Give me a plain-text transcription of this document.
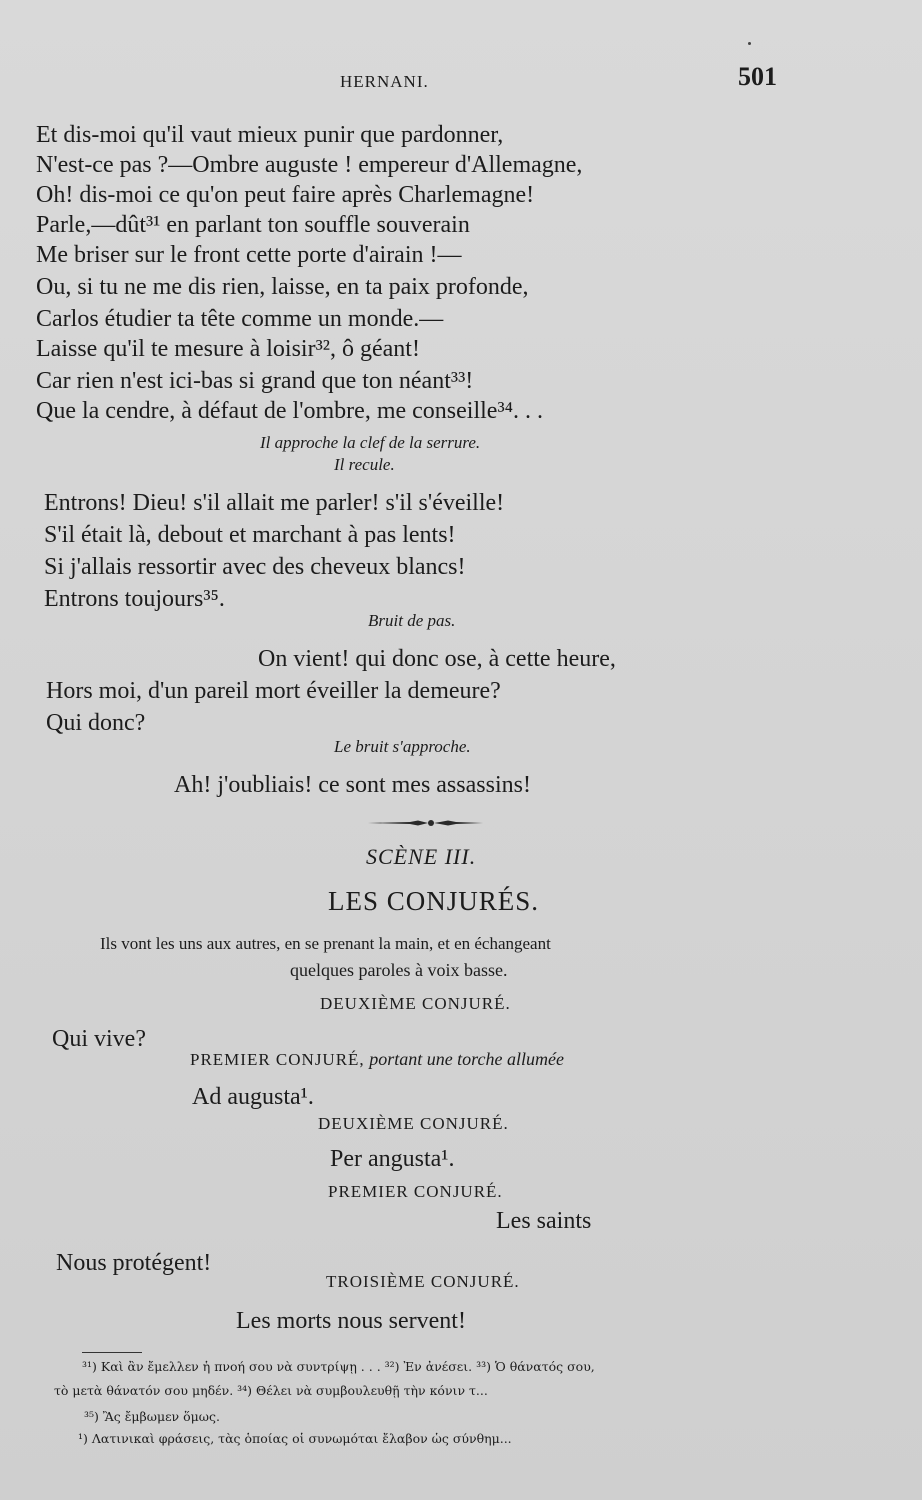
HERNANI.	501
Et dis-moi qu'il vaut mieux punir que pardonner,
N'est-ce pas ?—Ombre auguste ! empereur d'Allemagne,
Oh! dis-moi ce qu'on peut faire après Charlemagne!
Parle,—dût³¹ en parlant ton souffle souverain
Me briser sur le front cette porte d'airain !—
Ou, si tu ne me dis rien, laisse, en ta paix profonde,
Carlos étudier ta tête comme un monde.—
Laisse qu'il te mesure à loisir³², ô géant!
Car rien n'est ici-bas si grand que ton néant³³!
Que la cendre, à défaut de l'ombre, me conseille³⁴. . .
Il approche la clef de la serrure.
Il recule.
Entrons! Dieu! s'il allait me parler! s'il s'éveille!
S'il était là, debout et marchant à pas lents!
Si j'allais ressortir avec des cheveux blancs!
Entrons toujours³⁵.
Bruit de pas.
On vient! qui donc ose, à cette heure,
Hors moi, d'un pareil mort éveiller la demeure?
Qui donc?
Le bruit s'approche.
Ah! j'oubliais! ce sont mes assassins!
SCÈNE III.
LES CONJURÉS.
Ils vont les uns aux autres, en se prenant la main, et en échangeant
quelques paroles à voix basse.
DEUXIÈME CONJURÉ.
Qui vive?
PREMIER CONJURÉ, portant une torche allumée
Ad augusta¹.
DEUXIÈME CONJURÉ.
Per angusta¹.
PREMIER CONJURÉ.
Les saints
Nous protégent!
TROISIÈME CONJURÉ.
Les morts nous servent!
³¹) Καὶ ἂν ἔμελλεν ἡ πνοή σου νὰ συντρίψῃ . . . ³²) Ἐν ἀνέσει. ³³) Ὁ θάνατός σου,
τὸ μετὰ θάνατόν σου μηδέν. ³⁴) Θέλει νὰ συμβουλευθῇ τὴν κόνιν τ...
³⁵) Ἂς ἔμβωμεν ὅμως.
¹) Λατινικαὶ φράσεις, τὰς ὁποίας οἱ συνωμόται ἔλαβον ὡς σύνθημ...
